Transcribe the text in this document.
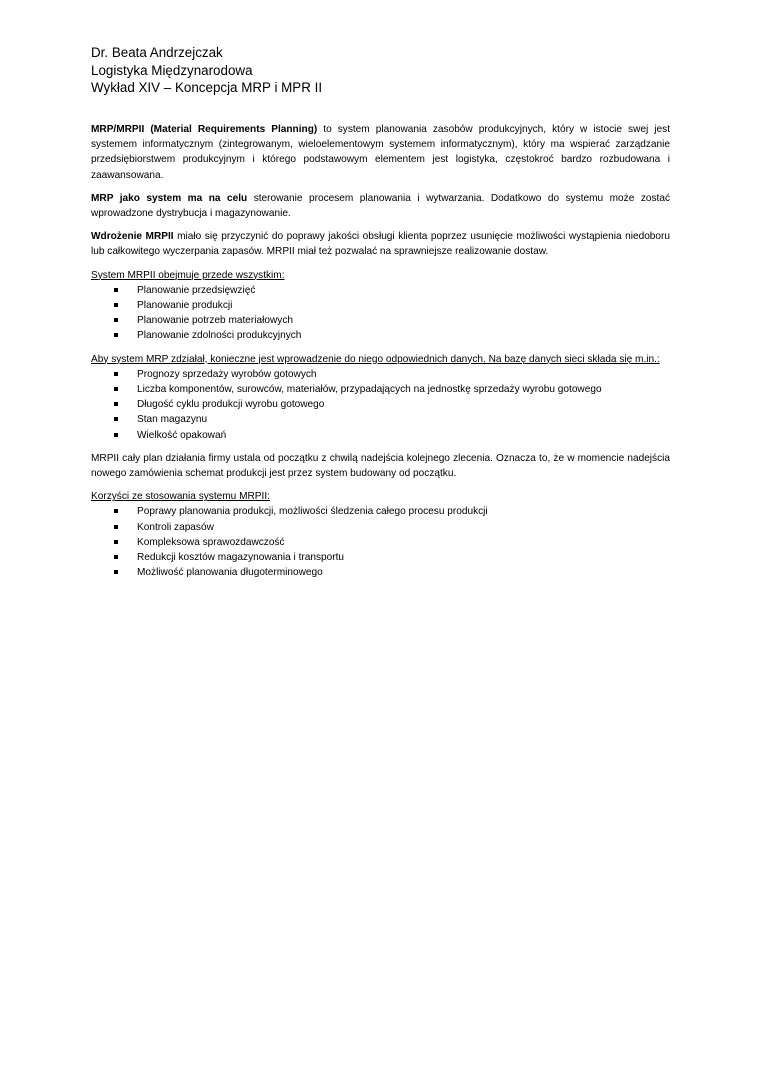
Dr. Beata Andrzejczak
Logistyka Międzynarodowa
Wykład XIV – Koncepcja MRP i MPR II

MRP/MRPII (Material Requirements Planning) to system planowania zasobów produkcyjnych, który w istocie swej jest systemem informatycznym (zintegrowanym, wieloelementowym systemem informatycznym), który ma wspierać zarządzanie przedsiębiorstwem produkcyjnym i którego podstawowym elementem jest logistyka, częstokroć bardzo rozbudowana i zaawansowana.

MRP jako system ma na celu sterowanie procesem planowania i wytwarzania. Dodatkowo do systemu może zostać wprowadzone dystrybucja i magazynowanie.

Wdrożenie MRPII miało się przyczynić do poprawy jakości obsługi klienta poprzez usunięcie możliwości wystąpienia niedoboru lub całkowitego wyczerpania zapasów. MRPII miał też pozwalać na sprawniejsze realizowanie dostaw.

System MRPII obejmuje przede wszystkim:
Planowanie przedsięwzięć
Planowanie produkcji
Planowanie potrzeb materiałowych
Planowanie zdolności produkcyjnych
Aby system MRP zdziałał, konieczne jest wprowadzenie do niego odpowiednich danych. Na bazę danych sieci składa się m.in.:
Prognozy sprzedaży wyrobów gotowych
Liczba komponentów, surowców, materiałów, przypadających na jednostkę sprzedaży wyrobu gotowego
Długość cyklu produkcji wyrobu gotowego
Stan magazynu
Wielkość opakowań

MRPII cały plan działania firmy ustala od początku z chwilą nadejścia kolejnego zlecenia. Oznacza to, że w momencie nadejścia nowego zamówienia schemat produkcji jest przez system budowany od początku.

Korzyści ze stosowania systemu MRPII:
Poprawy planowania produkcji, możliwości śledzenia całego procesu produkcji
Kontroli zapasów
Kompleksowa sprawozdawczość
Redukcji kosztów magazynowania i transportu
Możliwość planowania długoterminowego
